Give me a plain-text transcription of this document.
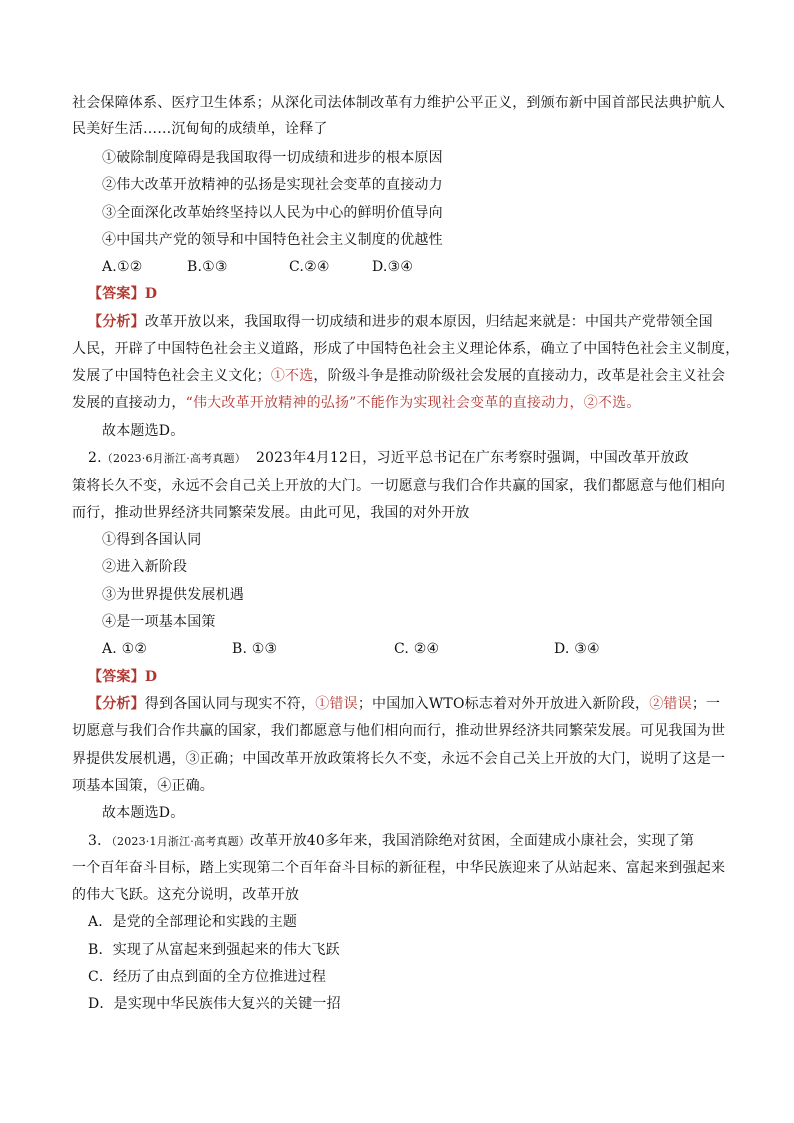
社会保障体系、医疗卫生体系；从深化司法体制改革有力维护公平正义，到颁布新中国首部民法典护航人
民美好生活……沉甸甸的成绩单，诠释了
①破除制度障碍是我国取得一切成绩和进步的根本原因
②伟大改革开放精神的弘扬是实现社会变革的直接动力
③全面深化改革始终坚持以人民为中心的鲜明价值导向
④中国共产党的领导和中国特色社会主义制度的优越性
A.①②	B.①③	C.②④	D.③④
【答案】D
【分析】改革开放以来，我国取得一切成绩和进步的艰本原因，归结起来就是：中国共产党带领全国
人民，开辟了中国特色社会主义道路，形成了中国特色社会主义理论体系，确立了中国特色社会主义制度，
发展了中国特色社会主义文化；①不选，阶级斗争是推动阶级社会发展的直接动力，改革是社会主义社会
发展的直接动力，“伟大改革开放精神的弘扬”不能作为实现社会变革的直接动力，②不选。
故本题选D。
2.（2023·6月浙江·高考真题） 2023年4月12日，习近平总书记在广东考察时强调，中国改革开放政
策将长久不变，永远不会自己关上开放的大门。一切愿意与我们合作共赢的国家，我们都愿意与他们相向
而行，推动世界经济共同繁荣发展。由此可见，我国的对外开放
①得到各国认同
②进入新阶段
③为世界提供发展机遇
④是一项基本国策
A. ①②	B. ①③	C. ②④	D. ③④
【答案】D
【分析】得到各国认同与现实不符，①错误；中国加入WTO标志着对外开放进入新阶段，②错误；一
切愿意与我们合作共赢的国家，我们都愿意与他们相向而行，推动世界经济共同繁荣发展。可见我国为世
界提供发展机遇，③正确；中国改革开放政策将长久不变，永远不会自己关上开放的大门，说明了这是一
项基本国策，④正确。
故本题选D。
3．（2023·1月浙江·高考真题）改革开放40多年来，我国消除绝对贫困，全面建成小康社会，实现了第
一个百年奋斗目标，踏上实现第二个百年奋斗目标的新征程，中华民族迎来了从站起来、富起来到强起来
的伟大飞跃。这充分说明，改革开放
A．是党的全部理论和实践的主题
B．实现了从富起来到强起来的伟大飞跃
C．经历了由点到面的全方位推进过程
D．是实现中华民族伟大复兴的关键一招
